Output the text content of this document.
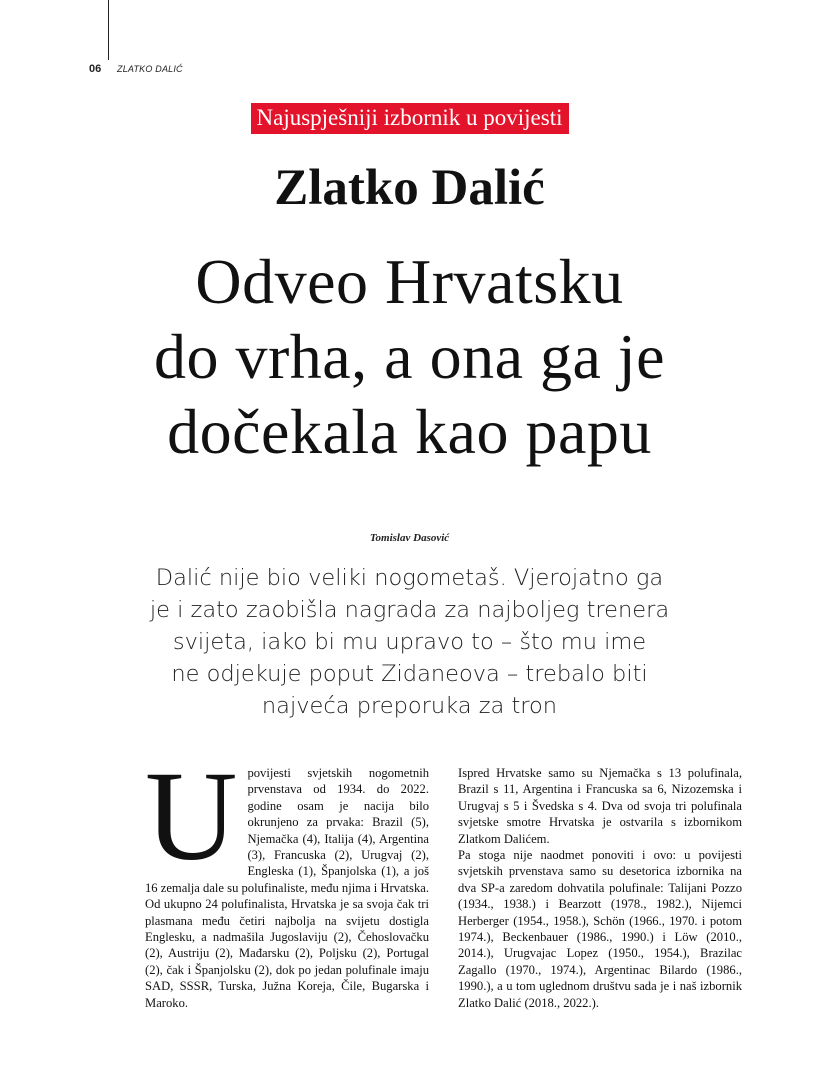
06 ZLATKO DALIĆ
Najuspješniji izbornik u povijesti
Zlatko Dalić
Odveo Hrvatsku
do vrha, a ona ga je
dočekala kao papu
Tomislav Dasović
Dalić nije bio veliki nogometaš. Vjerojatno ga
je i zato zaobišla nagrada za najboljeg trenera
svijeta, iako bi mu upravo to – što mu ime
ne odjekuje poput Zidaneova – trebalo biti
najveća preporuka za tron
U povijesti svjetskih nogometnih prvenstava od 1934. do 2022. godine osam je nacija bilo okrunjeno za prvaka: Brazil (5), Njemačka (4), Italija (4), Argentina (3), Francuska (2), Urugvaj (2), Engleska (1), Španjolska (1), a još 16 zemalja dale su polufinaliste, među njima i Hrvatska.

Od ukupno 24 polufinalista, Hrvatska je sa svoja čak tri plasmana među četiri najbolja na svijetu dostigla Englesku, a nadmašila Jugoslaviju (2), Čehoslovačku (2), Austriju (2), Mađarsku (2), Poljsku (2), Portugal (2), čak i Španjolsku (2), dok po jedan polufinale imaju SAD, SSSR, Turska, Južna Koreja, Čile, Bugarska i Maroko.

Ispred Hrvatske samo su Njemačka s 13 polufinala, Brazil s 11, Argentina i Francuska sa 6, Nizozemska i Urugvaj s 5 i Švedska s 4. Dva od svoja tri polufinala svjetske smotre Hrvatska je ostvarila s izbornikom Zlatkom Dalićem.

Pa stoga nije naodmet ponoviti i ovo: u povijesti svjetskih prvenstava samo su desetorica izbornika na dva SP-a zaredom dohvatila polufinale: Talijani Pozzo (1934., 1938.) i Bearzott (1978., 1982.), Nijemci Herberger (1954., 1958.), Schön (1966., 1970. i potom 1974.), Beckenbauer (1986., 1990.) i Löw (2010., 2014.), Urugvajac Lopez (1950., 1954.), Brazilac Zagallo (1970., 1974.), Argentinac Bilardo (1986., 1990.), a u tom uglednom društvu sada je i naš izbornik Zlatko Dalić (2018., 2022.).
